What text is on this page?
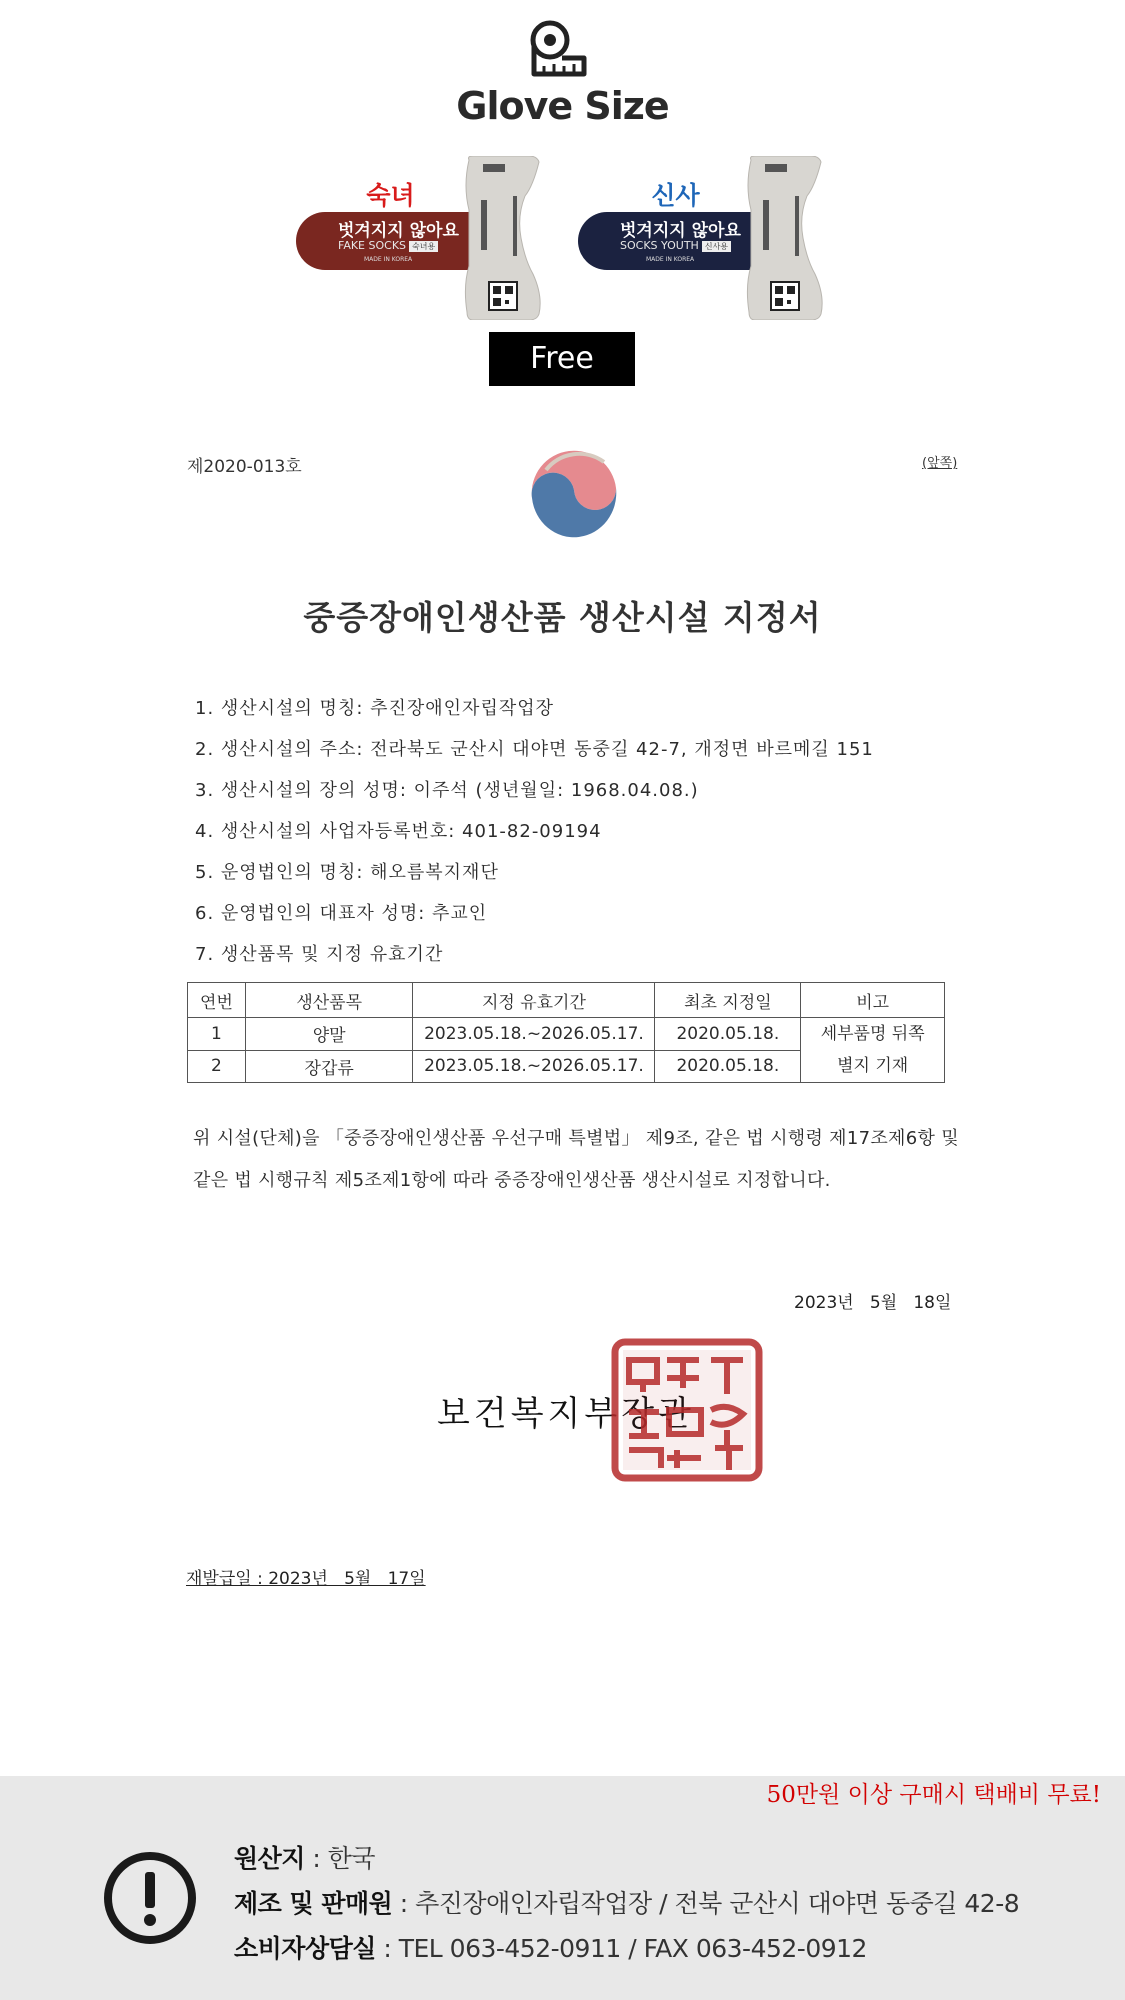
Glove Size
숙녀	신사
벗겨지지 않아요
FAKE SOCKS 숙녀용
MADE IN KOREA
벗겨지지 않아요
SOCKS YOUTH 신사용
MADE IN KOREA
Free
제2020-013호	(앞쪽)
중증장애인생산품 생산시설 지정서
1. 생산시설의 명칭: 추진장애인자립작업장
2. 생산시설의 주소: 전라북도 군산시 대야면 동중길 42-7, 개정면 바르메길 151
3. 생산시설의 장의 성명: 이주석 (생년월일: 1968.04.08.)
4. 생산시설의 사업자등록번호: 401-82-09194
5. 운영법인의 명칭: 해오름복지재단
6. 운영법인의 대표자 성명: 추교인
7. 생산품목 및 지정 유효기간
연번	생산품목	지정 유효기간	최초 지정일	비고
1	양말	2023.05.18.~2026.05.17.	2020.05.18.	세부품명 뒤쪽
별지 기재

2	장갑류	2023.05.18.~2026.05.17.	2020.05.18.	
위 시설(단체)을 「중증장애인생산품 우선구매 특별법」 제9조, 같은 법 시행령 제17조제6항 및 같은 법 시행규칙 제5조제1항에 따라 중증장애인생산품 생산시설로 지정합니다.
2023년   5월   18일
보건복지부장관
재발급일 : 2023년   5월   17일
50만원 이상 구매시 택배비 무료!
원산지 : 한국
제조 및 판매원 : 추진장애인자립작업장 / 전북 군산시 대야면 동중길 42-8
소비자상담실 : TEL 063-452-0911 / FAX 063-452-0912
